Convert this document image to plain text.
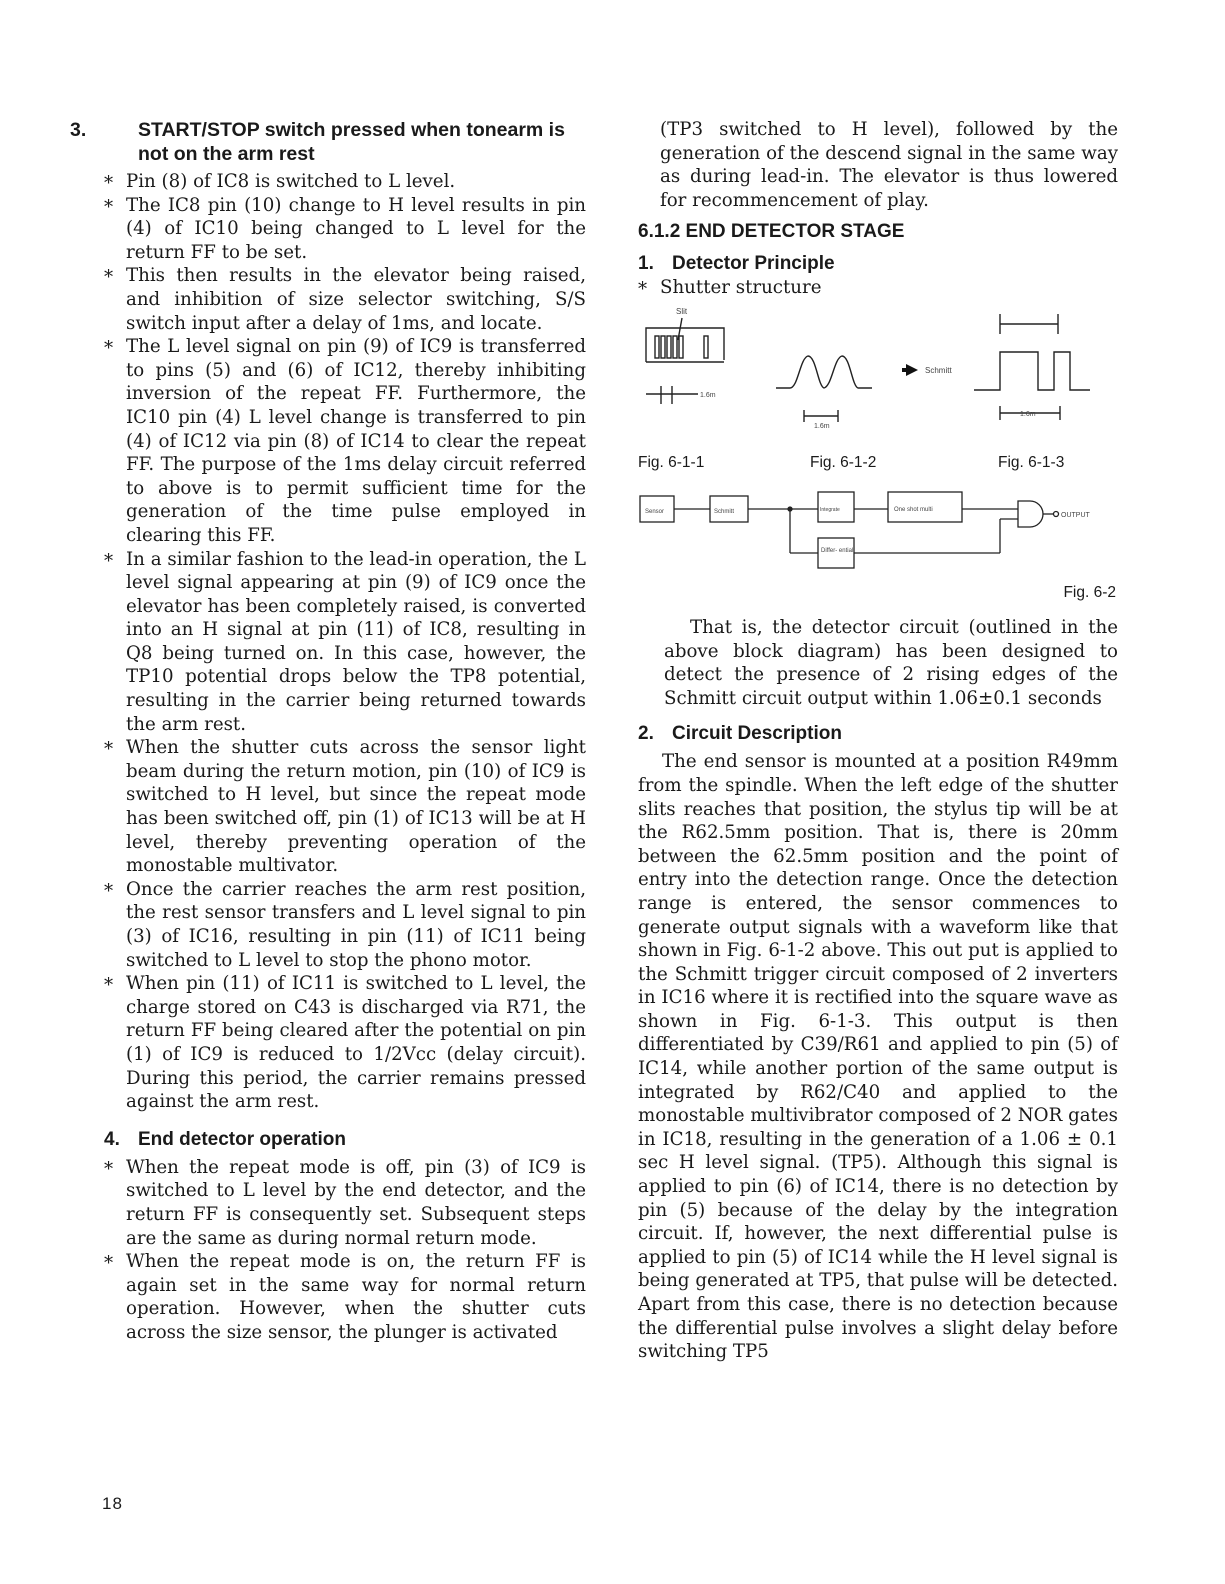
3.	START/STOP switch pressed when tonearm is not on the arm rest

* Pin (8) of IC8 is switched to L level.

* The IC8 pin (10) change to H level results in pin (4) of IC10 being changed to L level for the return FF to be set.

* This then results in the elevator being raised, and inhibition of size selector switching, S/S switch input after a delay of 1ms, and locate.

* The L level signal on pin (9) of IC9 is transferred to pins (5) and (6) of IC12, thereby inhibiting inversion of the repeat FF. Furthermore, the IC10 pin (4) L level change is transferred to pin (4) of IC12 via pin (8) of IC14 to clear the repeat FF. The purpose of the 1ms delay circuit referred to above is to permit sufficient time for the generation of the time pulse employed in clearing this FF.

* In a similar fashion to the lead-in operation, the L level signal appearing at pin (9) of IC9 once the elevator has been completely raised, is converted into an H signal at pin (11) of IC8, resulting in Q8 being turned on. In this case, however, the TP10 potential drops below the TP8 potential, resulting in the carrier being returned towards the arm rest.

* When the shutter cuts across the sensor light beam during the return motion, pin (10) of IC9 is switched to H level, but since the repeat mode has been switched off, pin (1) of IC13 will be at H level, thereby preventing operation of the monostable multivator.

* Once the carrier reaches the arm rest position, the rest sensor transfers and L level signal to pin (3) of IC16, resulting in pin (11) of IC11 being switched to L level to stop the phono motor.

* When pin (11) of IC11 is switched to L level, the charge stored on C43 is discharged via R71, the return FF being cleared after the potential on pin (1) of IC9 is reduced to 1/2Vcc (delay circuit). During this period, the carrier remains pressed against the arm rest.

4. End detector operation

* When the repeat mode is off, pin (3) of IC9 is switched to L level by the end detector, and the return FF is consequently set. Subsequent steps are the same as during normal return mode.

* When the repeat mode is on, the return FF is again set in the same way for normal return operation. However, when the shutter cuts across the size sensor, the plunger is activated

18

(TP3 switched to H level), followed by the generation of the descend signal in the same way as during lead-in. The elevator is thus lowered for recommencement of play.

6.1.2 END DETECTOR STAGE
1. Detector Principle

* Shutter structure

Slit
1.6m
1.6m
Schmitt
1.6m
Fig. 6-1-1	Fig. 6-1-2	Fig. 6-1-3
Sensor	Schmitt	Integrate	One shot multi
Differ- ential
OUTPUT
Fig. 6-2

That is, the detector circuit (outlined in the above block diagram) has been designed to detect the presence of 2 rising edges of the Schmitt circuit output within 1.06±0.1 seconds

2. Circuit Description

The end sensor is mounted at a position R49mm from the spindle. When the left edge of the shutter slits reaches that position, the stylus tip will be at the R62.5mm position. That is, there is 20mm between the 62.5mm position and the point of entry into the detection range. Once the detection range is entered, the sensor commences to generate output signals with a waveform like that shown in Fig. 6-1-2 above. This out put is applied to the Schmitt trigger circuit composed of 2 inverters in IC16 where it is rectified into the square wave as shown in Fig. 6-1-3. This output is then differentiated by C39/R61 and applied to pin (5) of IC14, while another portion of the same output is integrated by R62/C40 and applied to the monostable multivibrator composed of 2 NOR gates in IC18, resulting in the generation of a 1.06 ± 0.1 sec H level signal. (TP5). Although this signal is applied to pin (6) of IC14, there is no detection by pin (5) because of the delay by the integration circuit. If, however, the next differential pulse is applied to pin (5) of IC14 while the H level signal is being generated at TP5, that pulse will be detected. Apart from this case, there is no detection because the differential pulse involves a slight delay before switching TP5
